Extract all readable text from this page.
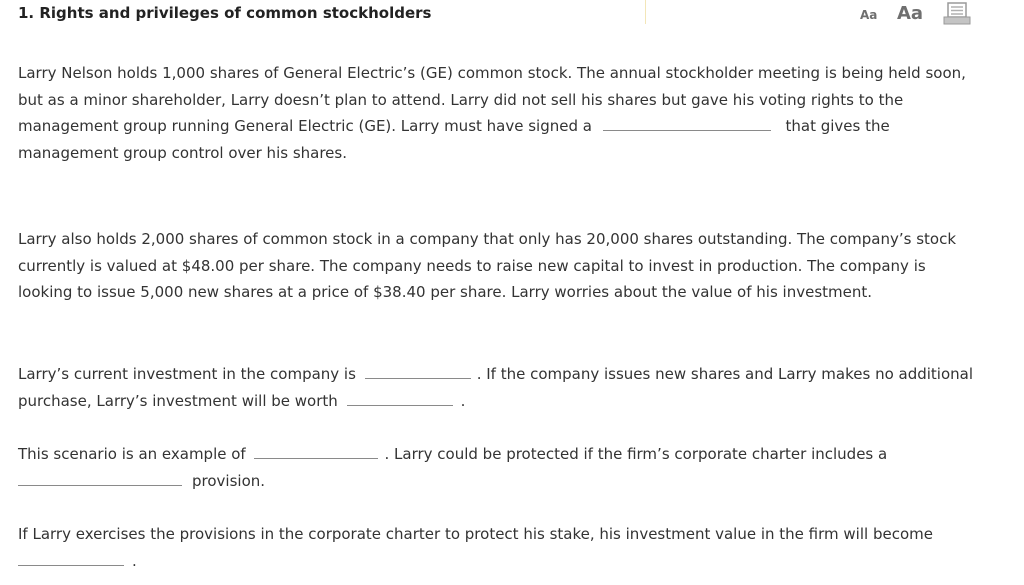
1. Rights and privileges of common stockholders	Aa Aa

Larry Nelson holds 1,000 shares of General Electric’s (GE) common stock. The annual stockholder meeting is being held soon, but as a minor shareholder, Larry doesn’t plan to attend. Larry did not sell his shares but gave his voting rights to the management group running General Electric (GE). Larry must have signed a	that gives the management group control over his shares.

Larry also holds 2,000 shares of common stock in a company that only has 20,000 shares outstanding. The company’s stock currently is valued at $48.00 per share. The company needs to raise new capital to invest in production. The company is looking to issue 5,000 new shares at a price of $38.40 per share. Larry worries about the value of his investment.

Larry’s current investment in the company is	. If the company issues new shares and Larry makes no additional purchase, Larry’s investment will be worth	.

This scenario is an example of	. Larry could be protected if the firm’s corporate charter includes a provision.

If Larry exercises the provisions in the corporate charter to protect his stake, his investment value in the firm will become .
